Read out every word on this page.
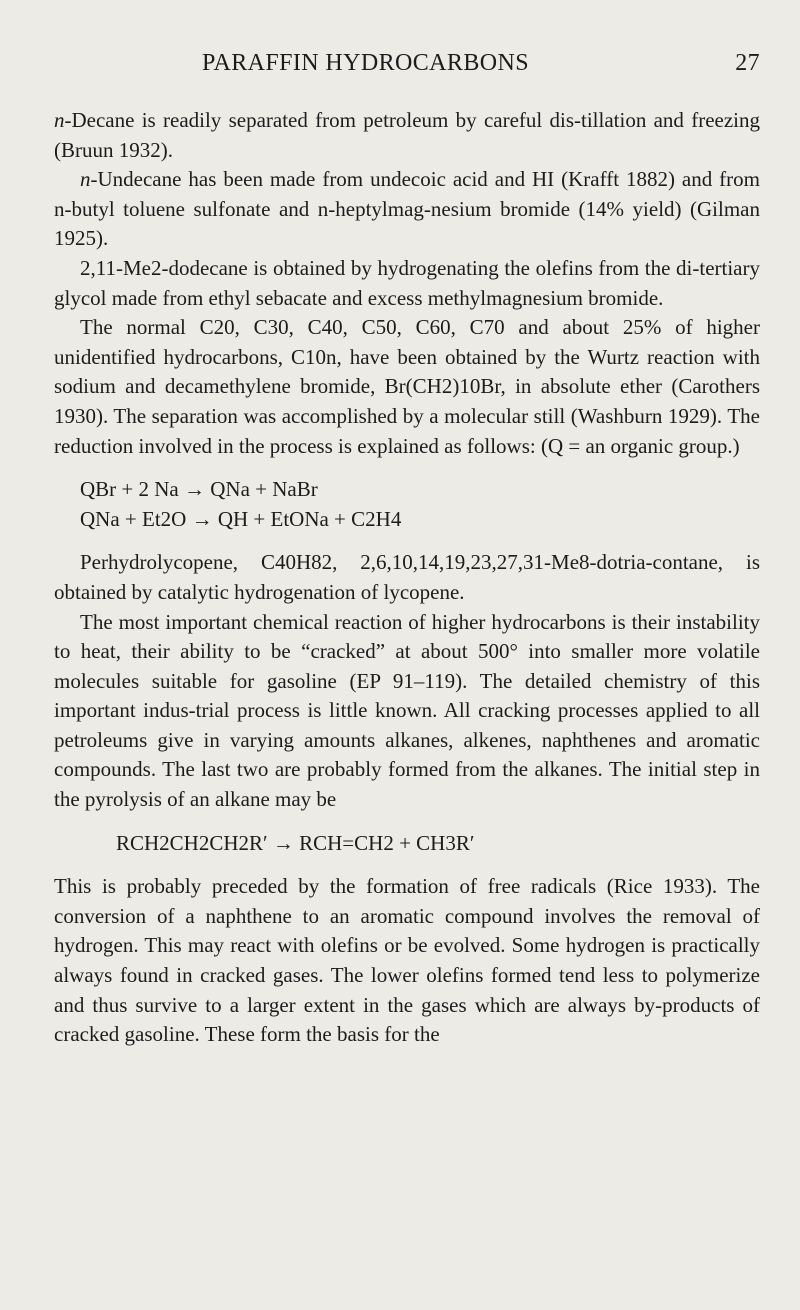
PARAFFIN HYDROCARBONS	27

n-Decane is readily separated from petroleum by careful dis-tillation and freezing (Bruun 1932).

n-Undecane has been made from undecoic acid and HI (Krafft 1882) and from n-butyl toluene sulfonate and n-heptylmag-nesium bromide (14% yield) (Gilman 1925).

2,11-Me2-dodecane is obtained by hydrogenating the olefins from the di-tertiary glycol made from ethyl sebacate and excess methylmagnesium bromide.

The normal C20, C30, C40, C50, C60, C70 and about 25% of higher unidentified hydrocarbons, C10n, have been obtained by the Wurtz reaction with sodium and decamethylene bromide, Br(CH2)10Br, in absolute ether (Carothers 1930). The separation was accomplished by a molecular still (Washburn 1929). The reduction involved in the process is explained as follows: (Q = an organic group.)

QBr + 2 Na → QNa + NaBr
QNa + Et2O → QH + EtONa + C2H4

Perhydrolycopene, C40H82, 2,6,10,14,19,23,27,31-Me8-dotria-contane, is obtained by catalytic hydrogenation of lycopene.

The most important chemical reaction of higher hydrocarbons is their instability to heat, their ability to be “cracked” at about 500° into smaller more volatile molecules suitable for gasoline (EP 91–119). The detailed chemistry of this important indus-trial process is little known. All cracking processes applied to all petroleums give in varying amounts alkanes, alkenes, naphthenes and aromatic compounds. The last two are probably formed from the alkanes. The initial step in the pyrolysis of an alkane may be

RCH2CH2CH2R′ → RCH=CH2 + CH3R′

This is probably preceded by the formation of free radicals (Rice 1933). The conversion of a naphthene to an aromatic compound involves the removal of hydrogen. This may react with olefins or be evolved. Some hydrogen is practically always found in cracked gases. The lower olefins formed tend less to polymerize and thus survive to a larger extent in the gases which are always by-products of cracked gasoline. These form the basis for the
